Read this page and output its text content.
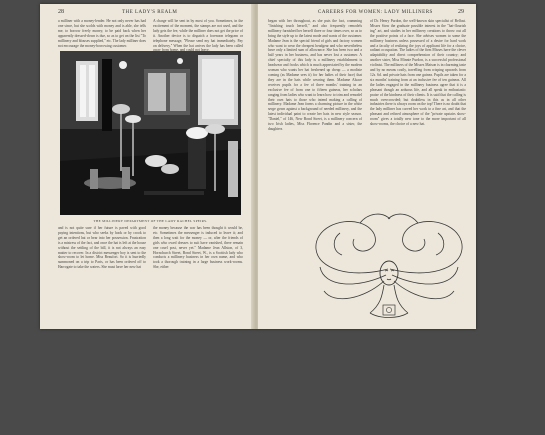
28	THE LADY'S REALM

a milliner with a money-lender. He not only never has had one since, but she scolds with money and is able, she tells me, to borrow freely money, to be paid back when her apparently dressed-down is due, so as to get on the list "To millinery and blouses supplied," etc. The lady milliner does not encourage the money-borrowing customer.

A charge will be sent in by most of you. Sometimes, in the excitement of the moment, the stamps are not used, and the lady gets the fee, while the milliner does not get the price of it. Another device is to dispatch a forenoon telegram or telephone message, "Please send my hat immediately. Pay on delivery." When the hat arrives the lady has been called

THE MILLINERY DEPARTMENT OF THE LADY RACHEL SPEIRS.

and is not quite sure if her future is paved with good paying intentions, but who seeks by hook or by crook to get an ordered hat or bear into her possession. Frustration is a mistress of the fact, and once the hat is left at the house without the settling of the bill, it is not always an easy matter to recover. In a district messenger boy is sent to the show-room to let home. Miss Beaufort. So it is hurriedly summoned on a trip to Paris, or has been ordered off to Harrogate to take the waters. She must have her new hat

the money because the war has been thought it would be, etc. Sometimes the messenger is induced to leave it; and then a long wait for the money — or, after the friends of girls who owed dresses to suit have vanished, there remain one cruel post, never yet." Madame Jean Allston, of 3, Hornchurch Street, Bond Street, W., is a Scottish lady who conducts a millinery business in her own name, and who took a thorough training in a large business work-rooms. She, either

CAREERS FOR WOMEN: LADY MILLINERS	29

began with her throughout, as she puts the fact, cramming "finishing touch herself," and also frequently remodels millinery furnished her herself three or four times over, so as to bring the style up to the latest mode and wants of the customer. Madame Jean is the special friend of girls and factory women who want to wear the cheapest headgear and who nevertheless have only a limited sum of allowance. She has been two and a half years in her business, and has never lost a customer. A chief specialty of this lady is a millinery establishment is headwear and frocks which is much appreciated by the modern woman who wants her hat freshened up cheap — a modiste coming (as Madame sees it) for her ladies of their face) that they are in the hats while wearing them. Madame Alsace receives pupils for a fee of three months' training in an exclusive fee of from one to fifteen guineas, her scholars ranging from ladies who want to learn how to trim and remodel their own hats to those who intend making a calling of millinery. Madame Jean forms a charming picture in the white serge gown against a background of needed millinery, and the latest individual paint to create her hats in new style season. "Daniel," of 146, New Bond Street, is a millinery concern of two Irish ladies, Miss Florence Pandin and a sister, the daughters

of Dr. Henry Purdon, the well-known skin specialist of Belfast. Misses Stow the graduate possible interest in the "hat-flourish ing" art, and studies in her millinery creations to throw out all the positive points of a face. She advises women to some the millinery business unless possessed of a desire for hard work and a faculty of realizing the joys of applicant life for a choice, radiant occupation. The ladies of the firm Misses have the clever adaptability and direct comprehension of their country; and another sister, Miss Minnie Purdon, is a successful professional violinist. The milliners of the Misses Maison is in charming taste and by no means costly, travelling from crisping upwards from 12s. 6d. and private hats from one guinea. Pupils are taken for a six months' training from at an inclusive fee of ten guineas. All the ladies engaged in the millinery business agree that it is a pleasant though an arduous life, and all speak in enthusiastic praise of the kindness of their clients. It is said that the calling is much overcrowded; but doubtless in this as in all other industries there is always room on the top! There is no doubt that the lady milliner has carved her work to a fine art, and that the pleasant and refined atmosphere of the "private upstairs show-room" gives a totally new tone to the more important of all show-rooms, the choice of a new hat.
